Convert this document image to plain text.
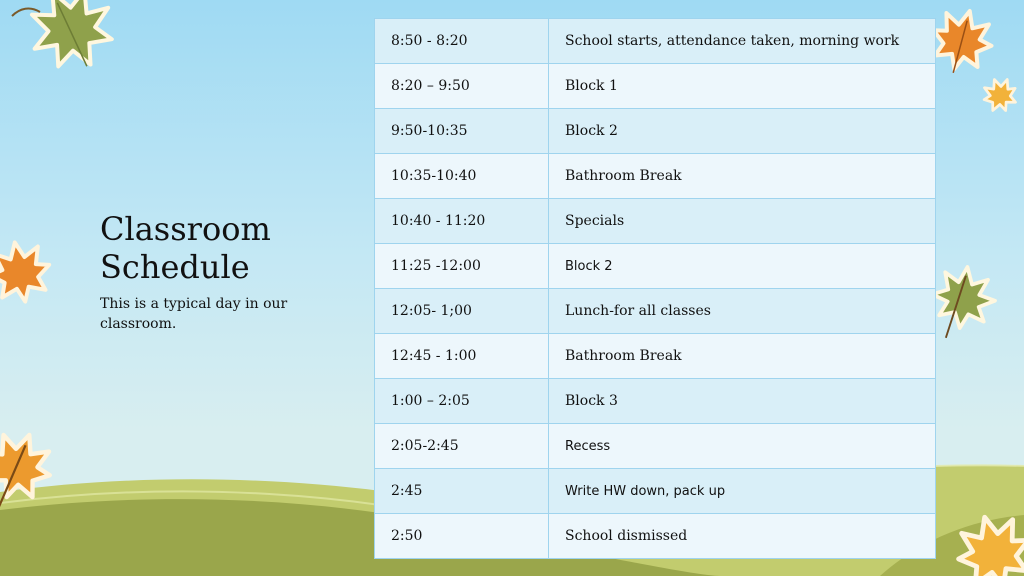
Classroom Schedule
This is a typical day in our classroom.
8:50 - 8:20	School starts, attendance taken, morning work
8:20 – 9:50	Block 1
9:50-10:35	Block 2
10:35-10:40	Bathroom Break
10:40 - 11:20	Specials
11:25 -12:00	Block 2
12:05- 1;00	Lunch-for all classes
12:45 - 1:00	Bathroom Break
1:00 – 2:05	Block 3
2:05-2:45	Recess
2:45	Write HW down, pack up
2:50	School dismissed
